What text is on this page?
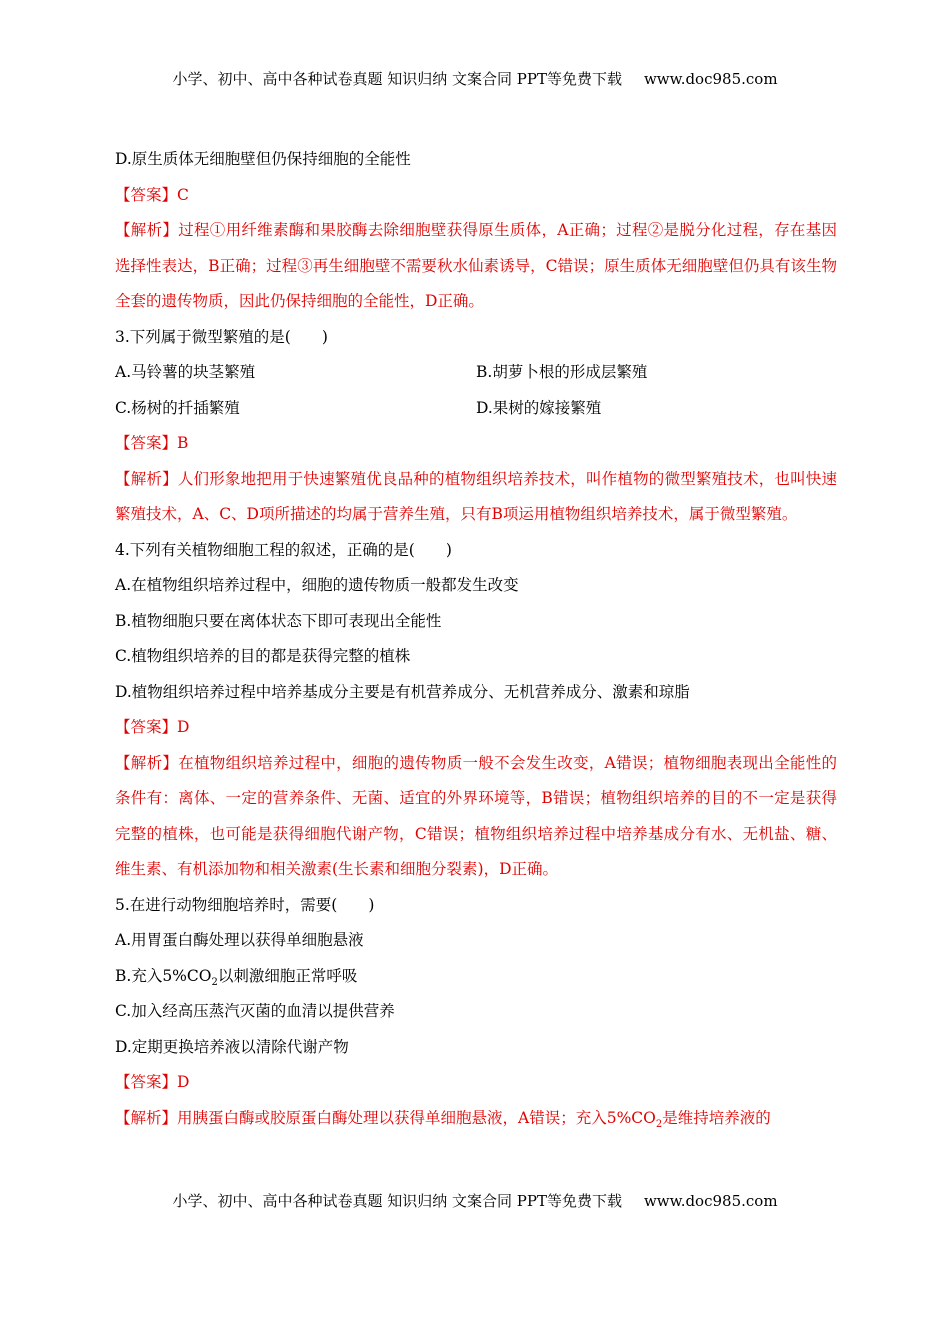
小学、初中、高中各种试卷真题 知识归纳 文案合同 PPT等免费下载 www.doc985.com
D.原生质体无细胞壁但仍保持细胞的全能性
【答案】C
【解析】过程①用纤维素酶和果胶酶去除细胞壁获得原生质体，A正确；过程②是脱分化过程，存在基因选择性表达，B正确；过程③再生细胞壁不需要秋水仙素诱导，C错误；原生质体无细胞壁但仍具有该生物全套的遗传物质，因此仍保持细胞的全能性，D正确。
3.下列属于微型繁殖的是(　　)
A.马铃薯的块茎繁殖	B.胡萝卜根的形成层繁殖
C.杨树的扦插繁殖	D.果树的嫁接繁殖
【答案】B
【解析】人们形象地把用于快速繁殖优良品种的植物组织培养技术，叫作植物的微型繁殖技术，也叫快速繁殖技术，A、C、D项所描述的均属于营养生殖，只有B项运用植物组织培养技术，属于微型繁殖。
4.下列有关植物细胞工程的叙述，正确的是(　　)
A.在植物组织培养过程中，细胞的遗传物质一般都发生改变
B.植物细胞只要在离体状态下即可表现出全能性
C.植物组织培养的目的都是获得完整的植株
D.植物组织培养过程中培养基成分主要是有机营养成分、无机营养成分、激素和琼脂
【答案】D
【解析】在植物组织培养过程中，细胞的遗传物质一般不会发生改变，A错误；植物细胞表现出全能性的条件有：离体、一定的营养条件、无菌、适宜的外界环境等，B错误；植物组织培养的目的不一定是获得完整的植株，也可能是获得细胞代谢产物，C错误；植物组织培养过程中培养基成分有水、无机盐、糖、维生素、有机添加物和相关激素(生长素和细胞分裂素)，D正确。
5.在进行动物细胞培养时，需要(　　)
A.用胃蛋白酶处理以获得单细胞悬液
B.充入$5\%CO_2$以刺激细胞正常呼吸
C.加入经高压蒸汽灭菌的血清以提供营养
D.定期更换培养液以清除代谢产物
【答案】D
【解析】用胰蛋白酶或胶原蛋白酶处理以获得单细胞悬液，A错误；充入$5\%CO_2$是维持培养液的
小学、初中、高中各种试卷真题 知识归纳 文案合同 PPT等免费下载 www.doc985.com
